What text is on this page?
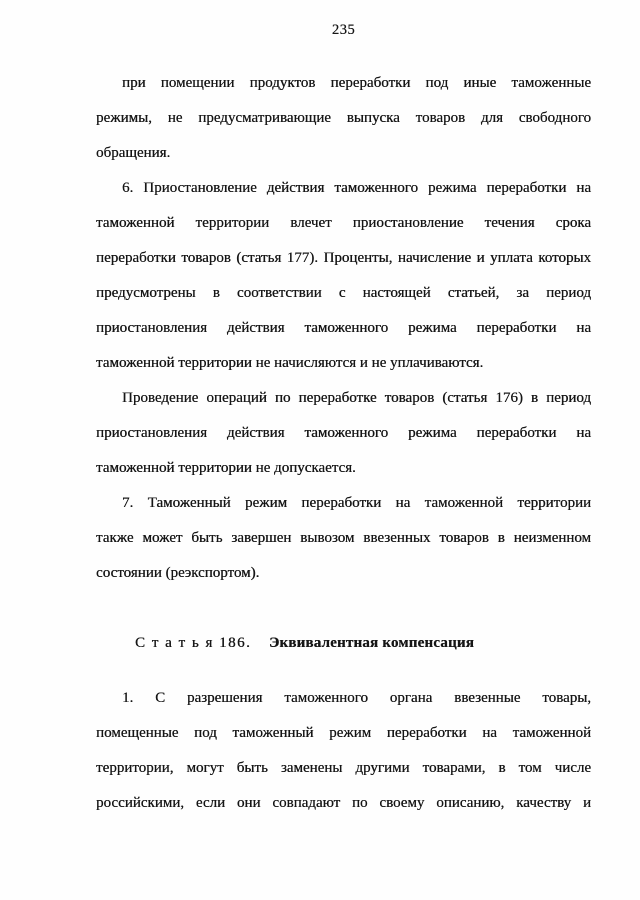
235

при помещении продуктов переработки под иные таможенные

режимы, не предусматривающие выпуска товаров для свободного

обращения.

6. Приостановление действия таможенного режима переработки на

таможенной территории влечет приостановление течения срока

переработки товаров (статья 177). Проценты, начисление и уплата которых

предусмотрены в соответствии с настоящей статьей, за период

приостановления действия таможенного режима переработки на

таможенной территории не начисляются и не уплачиваются.

Проведение операций по переработке товаров (статья 176) в период

приостановления действия таможенного режима переработки на

таможенной территории не допускается.

7. Таможенный режим переработки на таможенной территории

также может быть завершен вывозом ввезенных товаров в неизменном

состоянии (реэкспортом).

С т а т ь я 186. Эквивалентная компенсация

1. С разрешения таможенного органа ввезенные товары,

помещенные под таможенный режим переработки на таможенной

территории, могут быть заменены другими товарами, в том числе

российскими, если они совпадают по своему описанию, качеству и
